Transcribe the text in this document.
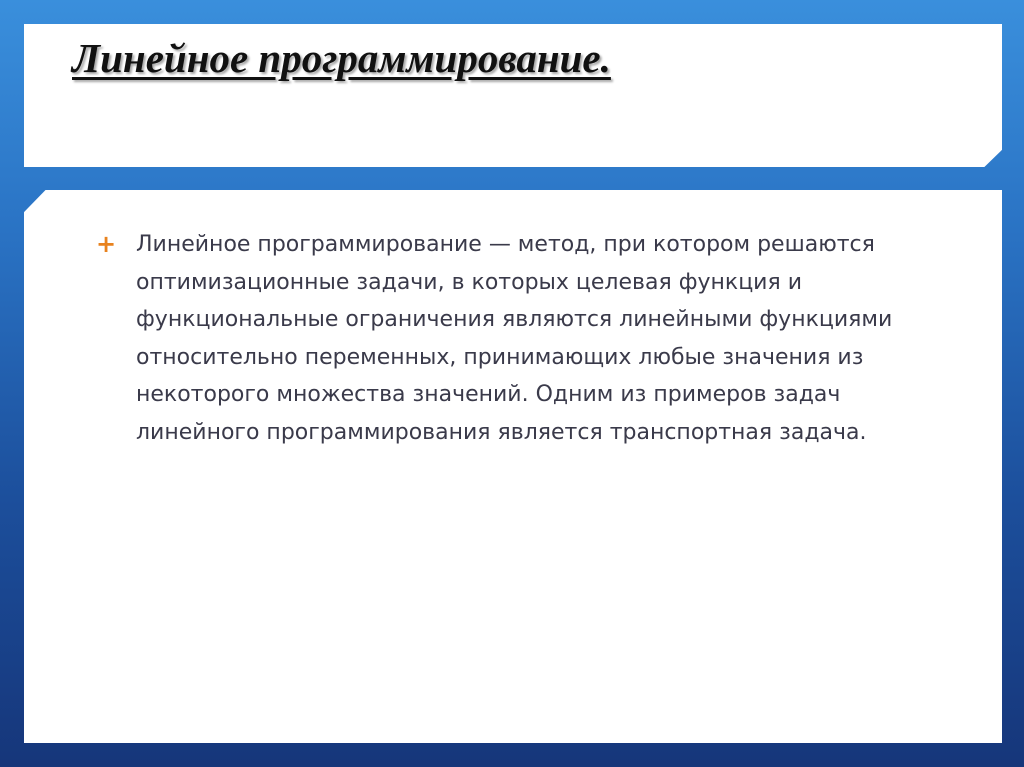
Линейное программирование.
+ Линейное программирование — метод, при котором решаются оптимизационные задачи, в которых целевая функция и функциональные ограничения являются линейными функциями относительно переменных, принимающих любые значения из некоторого множества значений. Одним из примеров задач линейного программирования является транспортная задача.
